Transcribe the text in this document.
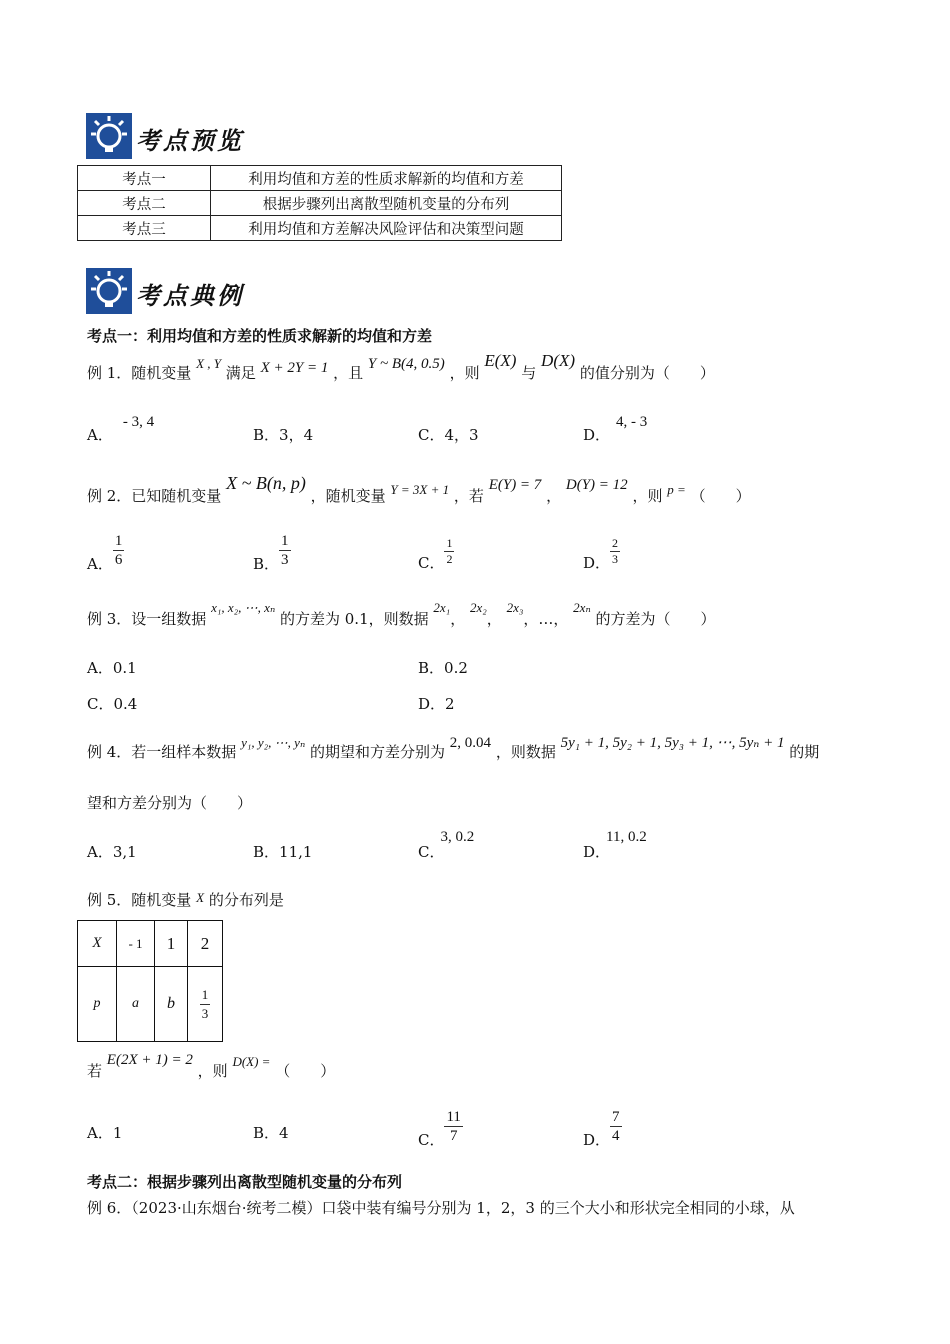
考点预览
考点一	利用均值和方差的性质求解新的均值和方差
考点二	根据步骤列出离散型随机变量的分布列
考点三	利用均值和方差解决风险评估和决策型问题
考点典例
考点一：利用均值和方差的性质求解新的均值和方差
例 1．随机变量 X , Y 满足 X + 2Y = 1 ，且 Y ~ B(4, 0.5) ，则 E(X) 与 D(X) 的值分别为（　　）
A．- 3, 4
B．3，4	C．4，3	D．4, - 3
例 2．已知随机变量 X ~ B(n, p) ，随机变量 Y = 3X + 1 ，若 E(Y) = 7 ， D(Y) = 12 ，则 p = （　　）
A． $\frac{1}{6}$	B． $\frac{1}{3}$	C． $\frac{1}{2}$	D． $\frac{2}{3}$
例 3．设一组数据 x₁, x₂, ⋯, xₙ 的方差为 0.1，则数据 2x₁， 2x₂， 2x₃，…， 2xₙ 的方差为（　　）
A．0.1	B．0.2
C．0.4	D．2
例 4．若一组样本数据 y₁, y₂, ⋯, yₙ 的期望和方差分别为 2, 0.04 ，则数据 5y₁ + 1, 5y₂ + 1, 5y₃ + 1, ⋯, 5yₙ + 1 的期
望和方差分别为（　　）
A．3,1	B．11,1	C．3, 0.2
D．11, 0.2
例 5．随机变量 X 的分布列是
X	- 1	1	2
p	a	b	$\frac{1}{3}$
若 E(2X + 1) = 2 ，则 D(X) = （　　）
A．1	B．4	C． $\frac{11}{7}$	D． $\frac{7}{4}$
考点二：根据步骤列出离散型随机变量的分布列
例 6．（2023·山东烟台·统考二模）口袋中装有编号分别为 1，2，3 的三个大小和形状完全相同的小球，从
